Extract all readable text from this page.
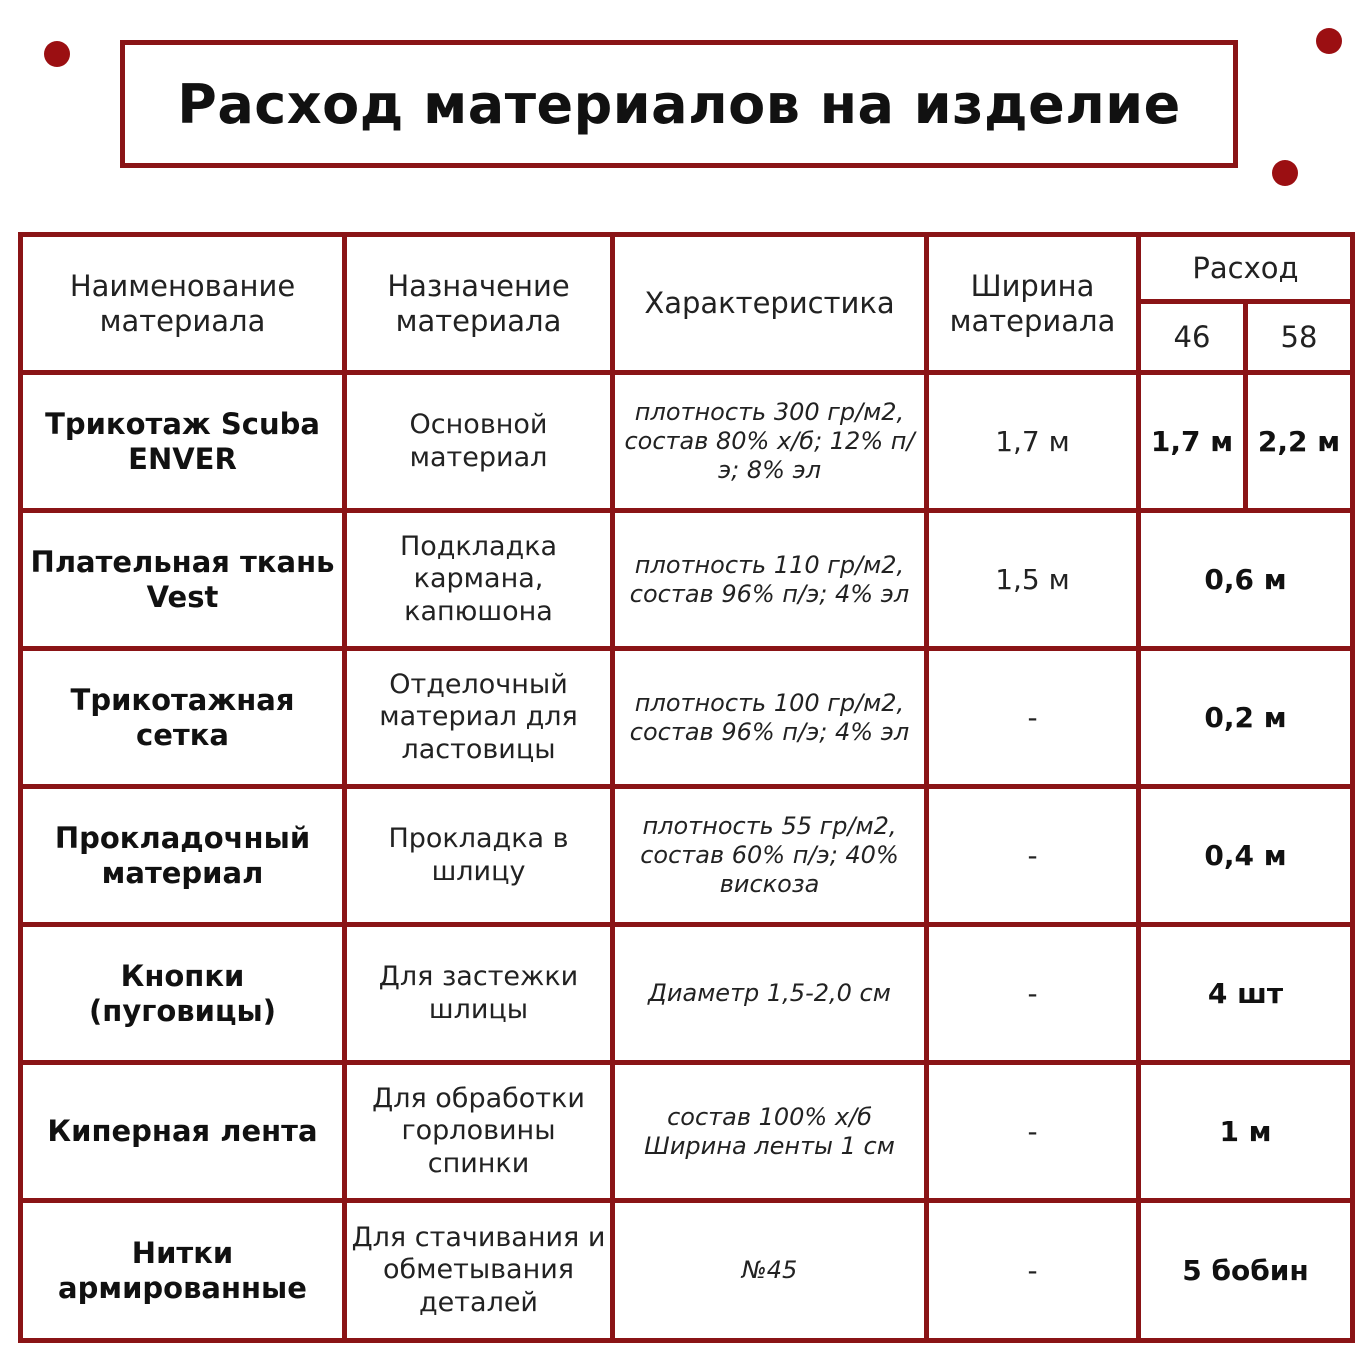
Расход материалов на изделие
Наименование материала	Назначение материала	Характеристика	Ширина материала	Расход	
				46	58
Трикотаж Scuba ENVER	Основной материал	плотность 300 гр/м2, состав 80% х/б; 12% п/э; 8% эл	1,7 м	1,7 м	2,2 м
Плательная ткань Vest	Подкладка кармана, капюшона	плотность 110 гр/м2, состав 96% п/э; 4% эл	1,5 м	0,6 м	
Трикотажная сетка	Отделочный материал для ластовицы	плотность 100 гр/м2, состав 96% п/э; 4% эл	-	0,2 м	
Прокладочный материал	Прокладка в шлицу	плотность 55 гр/м2, состав 60% п/э; 40% вискоза	-	0,4 м	
Кнопки (пуговицы)	Для застежки шлицы	Диаметр 1,5-2,0 см	-	4 шт	
Киперная лента	Для обработки горловины спинки	состав 100% х/б Ширина ленты 1 см	-	1 м	
Нитки армированные	Для стачивания и обметывания деталей	№45	-	5 бобин	
